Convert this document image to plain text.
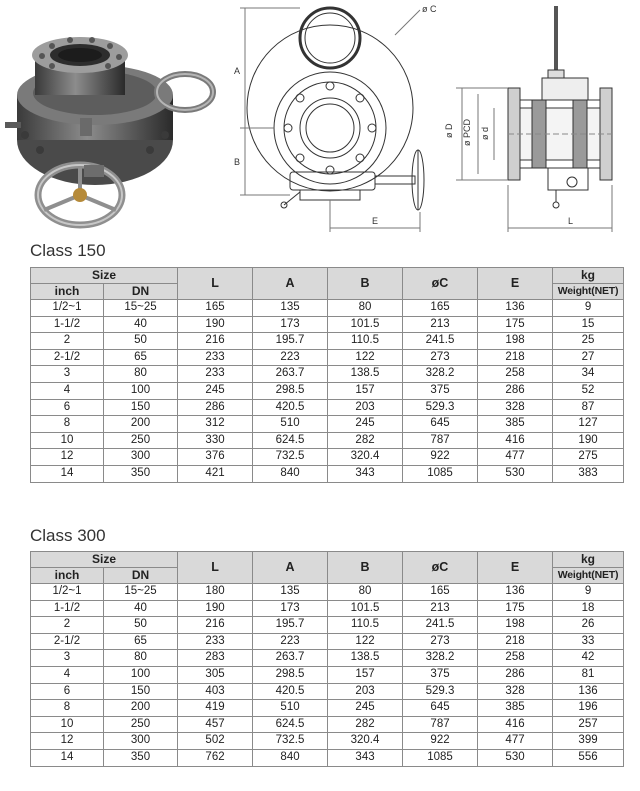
A
B
ø C
E
ø D ø PCD ø d
L
Class 150
Size		L	A	B	øC	E	kg
inch	DN						Weight(NET)
1/2~1	15~25	165	135	80	165	136	9
1-1/2	40	190	173	101.5	213	175	15
2	50	216	195.7	110.5	241.5	198	25
2-1/2	65	233	223	122	273	218	27
3	80	233	263.7	138.5	328.2	258	34
4	100	245	298.5	157	375	286	52
6	150	286	420.5	203	529.3	328	87
8	200	312	510	245	645	385	127
10	250	330	624.5	282	787	416	190
12	300	376	732.5	320.4	922	477	275
14	350	421	840	343	1085	530	383
Class 300
Size		L	A	B	øC	E	kg
inch	DN						Weight(NET)
1/2~1	15~25	180	135	80	165	136	9
1-1/2	40	190	173	101.5	213	175	18
2	50	216	195.7	110.5	241.5	198	26
2-1/2	65	233	223	122	273	218	33
3	80	283	263.7	138.5	328.2	258	42
4	100	305	298.5	157	375	286	81
6	150	403	420.5	203	529.3	328	136
8	200	419	510	245	645	385	196
10	250	457	624.5	282	787	416	257
12	300	502	732.5	320.4	922	477	399
14	350	762	840	343	1085	530	556
